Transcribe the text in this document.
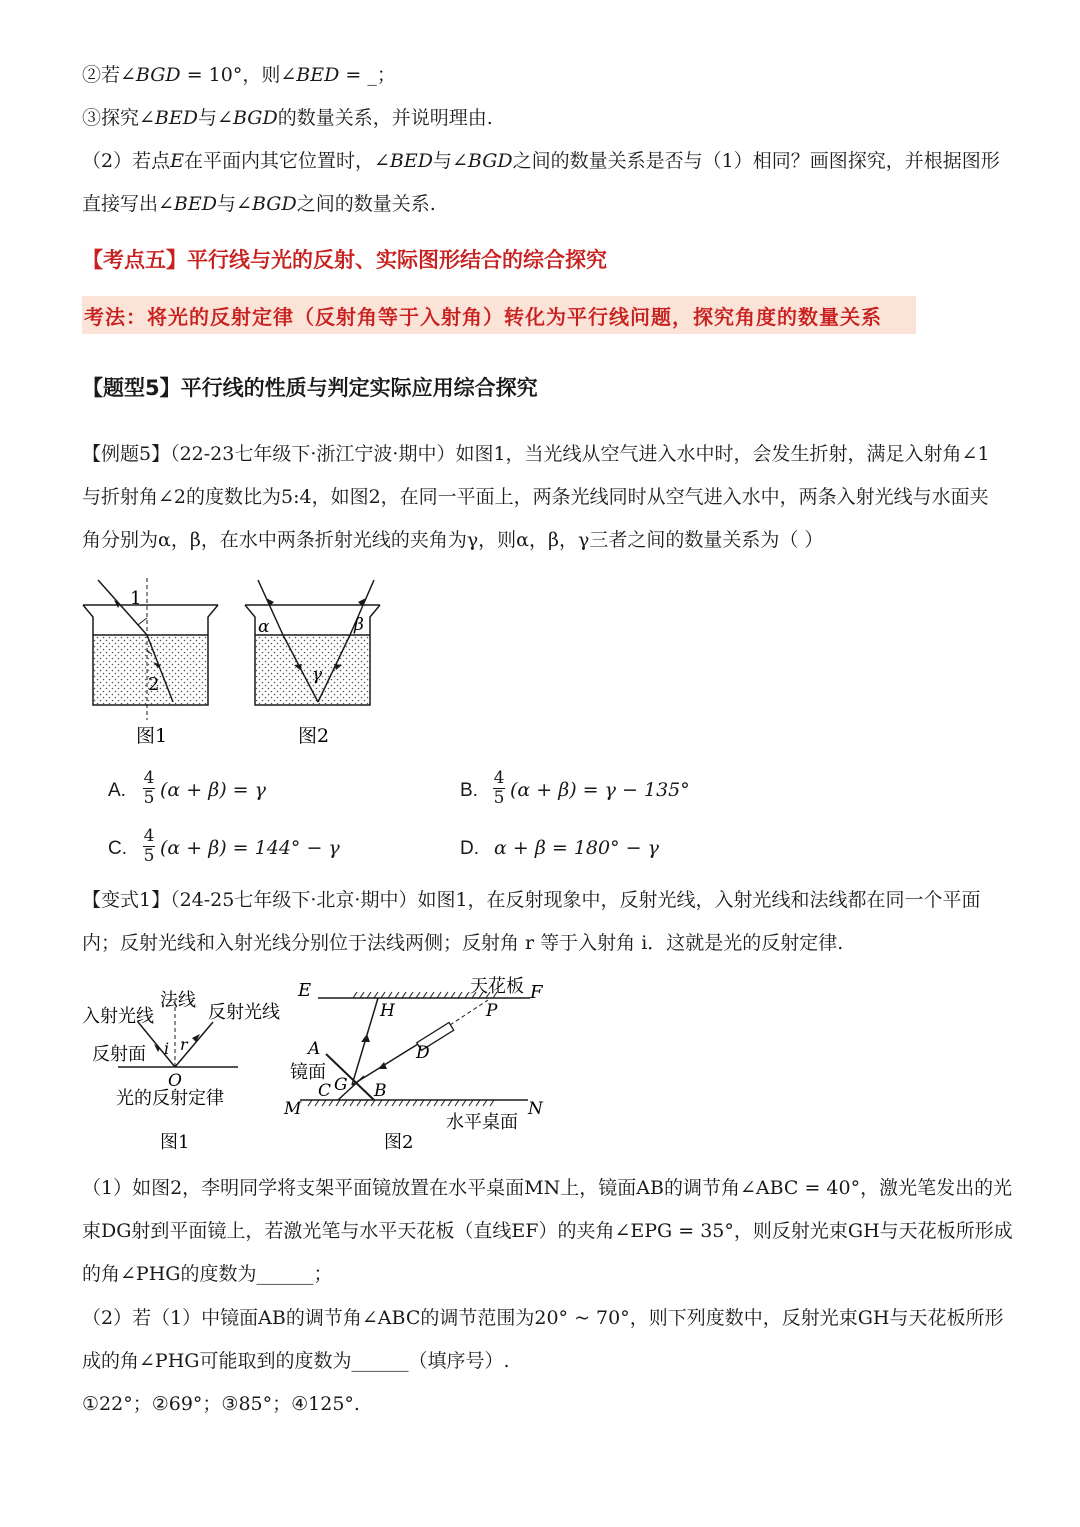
②若∠BGD = 10°，则∠BED = _；
③探究∠BED与∠BGD的数量关系，并说明理由.
（2）若点E在平面内其它位置时，∠BED与∠BGD之间的数量关系是否与（1）相同？画图探究，并根据图形
直接写出∠BED与∠BGD之间的数量关系.
【考点五】平行线与光的反射、实际图形结合的综合探究
考法：将光的反射定律（反射角等于入射角）转化为平行线问题，探究角度的数量关系
【题型5】平行线的性质与判定实际应用综合探究
【例题5】（22-23七年级下·浙江宁波·期中）如图1，当光线从空气进入水中时，会发生折射，满足入射角∠1
与折射角∠2的度数比为5:4，如图2，在同一平面上，两条光线同时从空气进入水中，两条入射光线与水面夹
角分别为α，β，在水中两条折射光线的夹角为γ，则α，β，γ三者之间的数量关系为（ ）
1
2
图1
α	β
γ
图2
A.
4
5 (α + β) = γ	B.
4
5 (α + β) = γ − 135°
C.
4
5 (α + β) = 144° − γ	D. α + β = 180° − γ
【变式1】（24-25七年级下·北京·期中）如图1，在反射现象中，反射光线，入射光线和法线都在同一个平面
内；反射光线和入射光线分别位于法线两侧；反射角 r 等于入射角 i．这就是光的反射定律.
入射光线
法线
反射光线
反射面 i r
O
光的反射定律
图1
E	天花板 F
H	P
A	D
镜面
C G B
M	N
水平桌面
图2
（1）如图2，李明同学将支架平面镜放置在水平桌面MN上，镜面AB的调节角∠ABC = 40°，激光笔发出的光
束DG射到平面镜上，若激光笔与水平天花板（直线EF）的夹角∠EPG = 35°，则反射光束GH与天花板所形成
的角∠PHG的度数为______；
（2）若（1）中镜面AB的调节角∠ABC的调节范围为20° ~ 70°，则下列度数中，反射光束GH与天花板所形
成的角∠PHG可能取到的度数为______（填序号）.
①22°；②69°；③85°；④125°.
